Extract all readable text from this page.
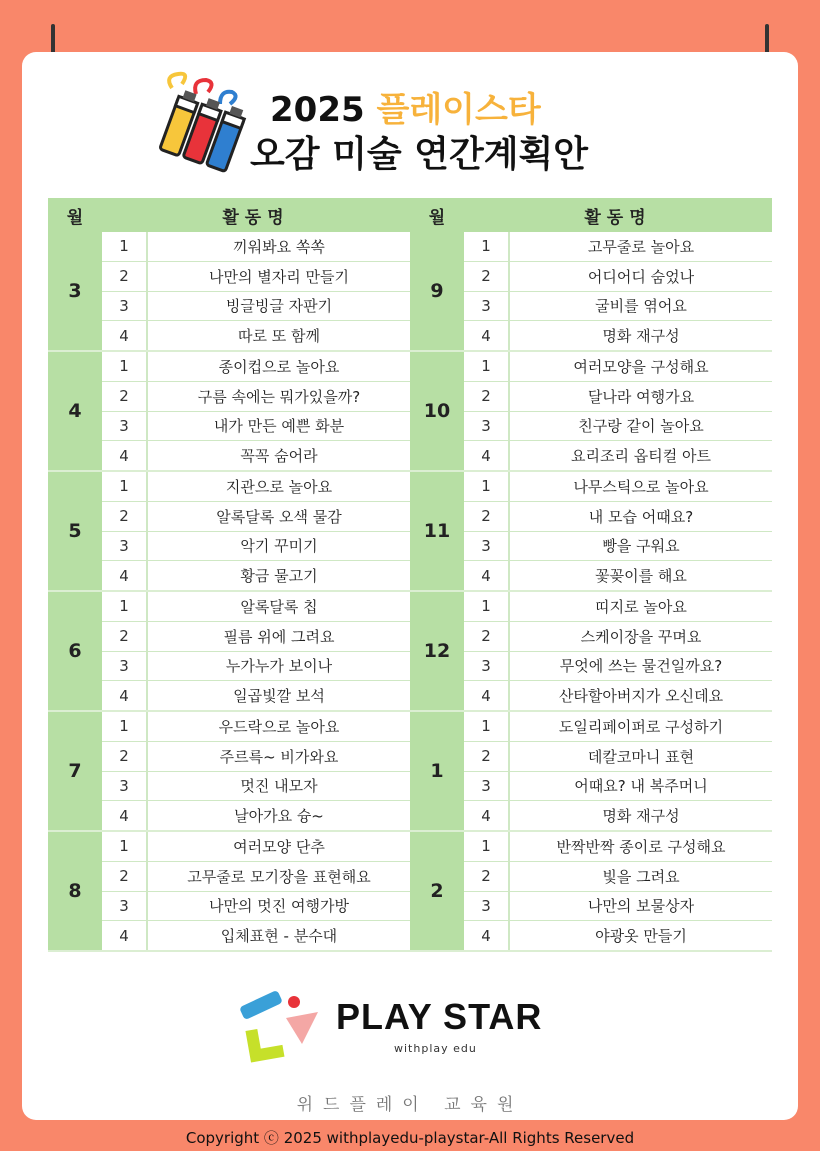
2025 플레이스타
오감 미술 연간계획안
월	활동명	월	활동명
3
1	끼워봐요 쏙쏙
2	나만의 별자리 만들기
3	빙글빙글 자판기
4	따로 또 함께
9
1	고무줄로 놀아요
2	어디어디 숨었나
3	굴비를 엮어요
4	명화 재구성
4
1	종이컵으로 놀아요
2	구름 속에는 뭐가있을까?
3	내가 만든 예쁜 화분
4	꼭꼭 숨어라
10
1	여러모양을 구성해요
2	달나라 여행가요
3	친구랑 같이 놀아요
4	요리조리 옵티컬 아트
5
1	지관으로 놀아요
2	알록달록 오색 물감
3	악기 꾸미기
4	황금 물고기
11
1	나무스틱으로 놀아요
2	내 모습 어때요?
3	빵을 구워요
4	꽃꽂이를 해요
6
1	알록달록 칩
2	필름 위에 그려요
3	누가누가 보이나
4	일곱빛깔 보석
12
1	띠지로 놀아요
2	스케이장을 꾸며요
3	무엇에 쓰는 물건일까요?
4	산타할아버지가 오신데요
7
1	우드락으로 놀아요
2	주르륵~ 비가와요
3	멋진 내모자
4	날아가요 슝~
1
1	도일리페이퍼로 구성하기
2	데칼코마니 표현
3	어때요? 내 복주머니
4	명화 재구성
8
1	여러모양 단추
2	고무줄로 모기장을 표현해요
3	나만의 멋진 여행가방
4	입체표현 - 분수대
2
1	반짝반짝 종이로 구성해요
2	빛을 그려요
3	나만의 보물상자
4	야광옷 만들기
PLAY STAR
withplay edu
위드플레이 교육원
Copyright ⓒ 2025 withplayedu-playstar-All Rights Reserved
